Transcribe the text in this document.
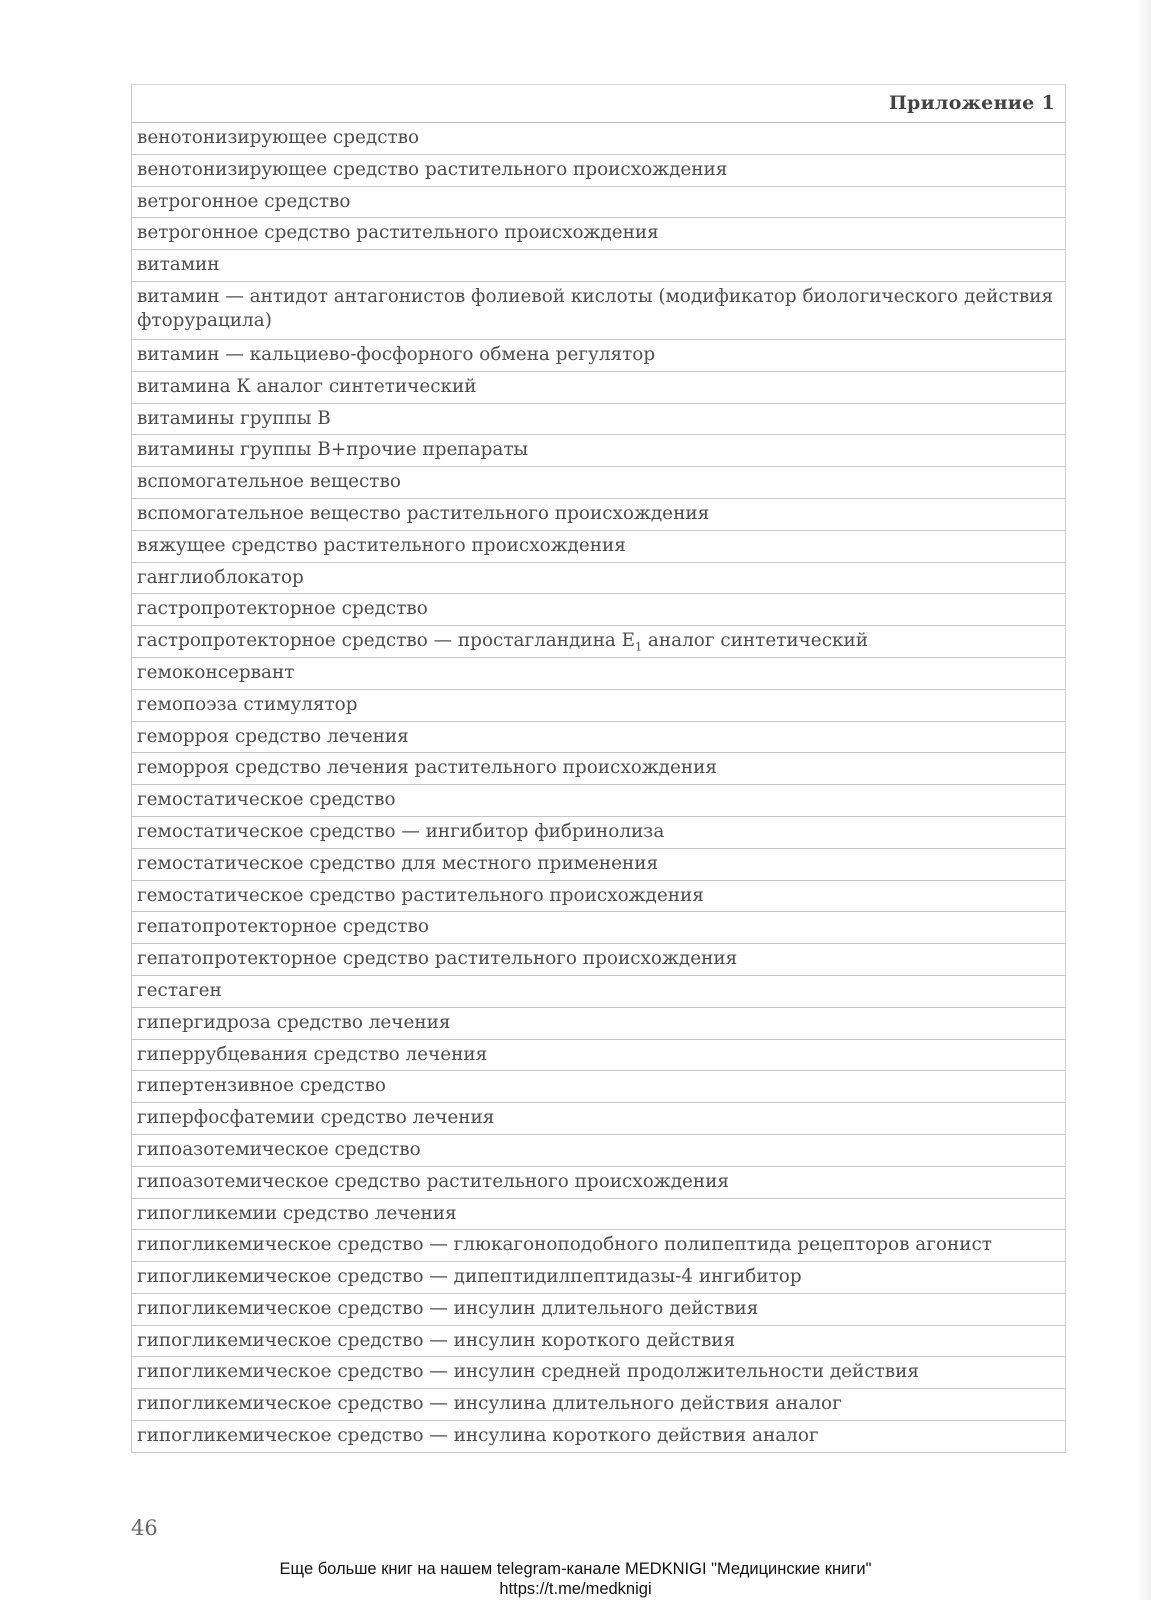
Приложение 1
венотонизирующее средство
венотонизирующее средство растительного происхождения
ветрогонное средство
ветрогонное средство растительного происхождения
витамин
витамин — антидот антагонистов фолиевой кислоты (модификатор биологического действия фторурацила)
витамин — кальциево-фосфорного обмена регулятор
витамина К аналог синтетический
витамины группы В
витамины группы В+прочие препараты
вспомогательное вещество
вспомогательное вещество растительного происхождения
вяжущее средство растительного происхождения
ганглиоблокатор
гастропротекторное средство
гастропротекторное средство — простагландина $E_1$ аналог синтетический
гемоконсервант
гемопоэза стимулятор
геморроя средство лечения
геморроя средство лечения растительного происхождения
гемостатическое средство
гемостатическое средство — ингибитор фибринолиза
гемостатическое средство для местного применения
гемостатическое средство растительного происхождения
гепатопротекторное средство
гепатопротекторное средство растительного происхождения
гестаген
гипергидроза средство лечения
гиперрубцевания средство лечения
гипертензивное средство
гиперфосфатемии средство лечения
гипоазотемическое средство
гипоазотемическое средство растительного происхождения
гипогликемии средство лечения
гипогликемическое средство — глюкагоноподобного полипептида рецепторов агонист
гипогликемическое средство — дипептидилпептидазы-4 ингибитор
гипогликемическое средство — инсулин длительного действия
гипогликемическое средство — инсулин короткого действия
гипогликемическое средство — инсулин средней продолжительности действия
гипогликемическое средство — инсулина длительного действия аналог
гипогликемическое средство — инсулина короткого действия аналог
46
Еще больше книг на нашем telegram-канале MEDKNIGI "Медицинские книги"
https://t.me/medknigi
